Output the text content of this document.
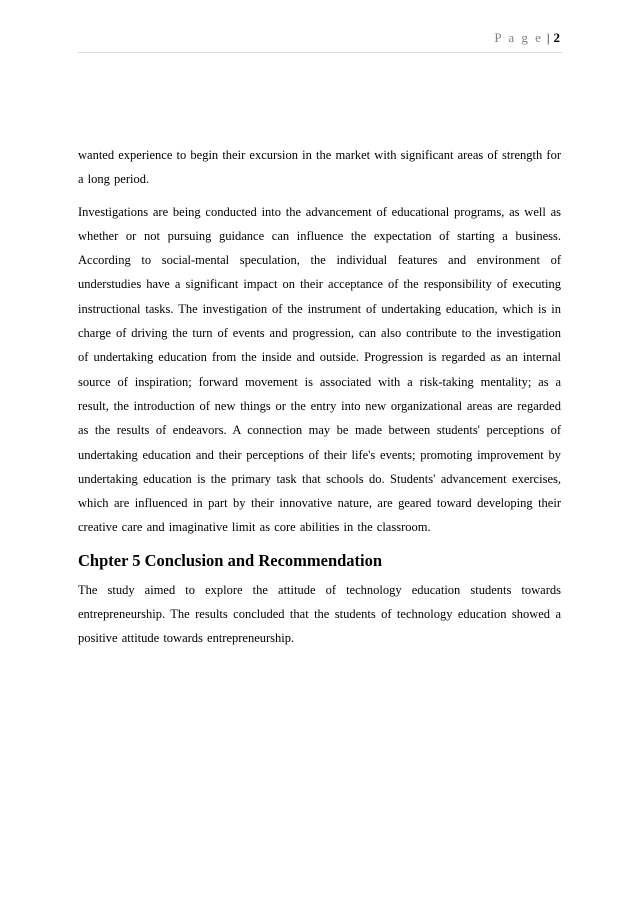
P a g e | 2

wanted experience to begin their excursion in the market with significant areas of strength for a long period.

Investigations are being conducted into the advancement of educational programs, as well as whether or not pursuing guidance can influence the expectation of starting a business. According to social-mental speculation, the individual features and environment of understudies have a significant impact on their acceptance of the responsibility of executing instructional tasks. The investigation of the instrument of undertaking education, which is in charge of driving the turn of events and progression, can also contribute to the investigation of undertaking education from the inside and outside. Progression is regarded as an internal source of inspiration; forward movement is associated with a risk-taking mentality; as a result, the introduction of new things or the entry into new organizational areas are regarded as the results of endeavors. A connection may be made between students' perceptions of undertaking education and their perceptions of their life's events; promoting improvement by undertaking education is the primary task that schools do. Students' advancement exercises, which are influenced in part by their innovative nature, are geared toward developing their creative care and imaginative limit as core abilities in the classroom.

Chpter 5 Conclusion and Recommendation

The study aimed to explore the attitude of technology education students towards entrepreneurship. The results concluded that the students of technology education showed a positive attitude towards entrepreneurship.
